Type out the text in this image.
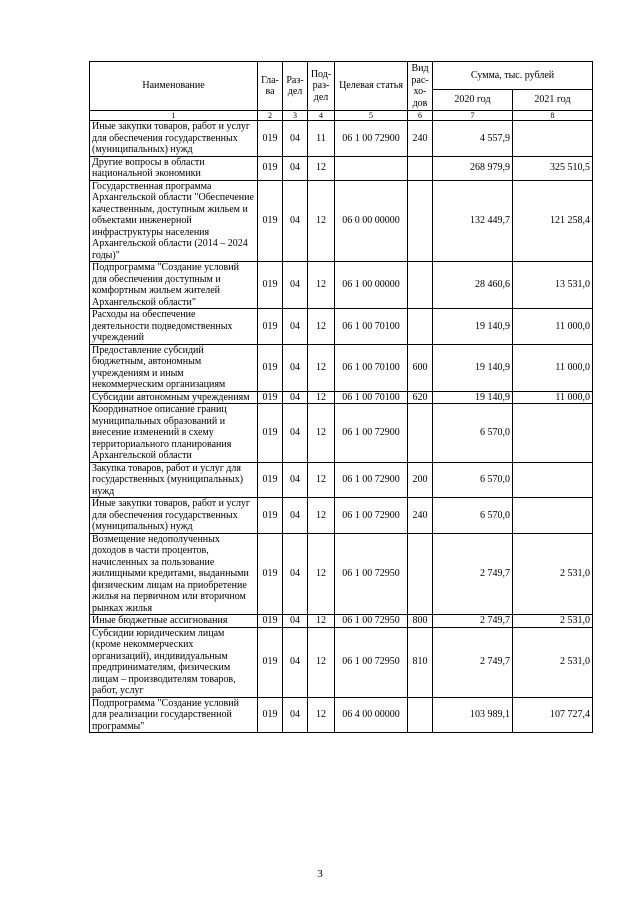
Наименование	Гла-ва	Раз-дел	Под-раз-дел	Целевая статья	Вид рас-хо-дов	Сумма, тыс. рублей	
						2020 год	2021 год
1	2	3	4	5	6	7	8
Иные закупки товаров, работ и услуг для обеспечения государственных (муниципальных) нужд	019	04	11	06 1 00 72900	240	4 557,9	
Другие вопросы в области национальной экономики	019	04	12			268 979,9	325 510,5
Государственная программа Архангельской области "Обеспечение качественным, доступным жильем и объектами инженерной инфраструктуры населения Архангельской области (2014 – 2024 годы)"	019	04	12	06 0 00 00000		132 449,7	121 258,4
Подпрограмма "Создание условий для обеспечения доступным и комфортным жильем жителей Архангельской области"	019	04	12	06 1 00 00000		28 460,6	13 531,0
Расходы на обеспечение деятельности подведомственных учреждений	019	04	12	06 1 00 70100		19 140,9	11 000,0
Предоставление субсидий бюджетным, автономным учреждениям и иным некоммерческим организациям	019	04	12	06 1 00 70100	600	19 140,9	11 000,0
Субсидии автономным учреждениям	019	04	12	06 1 00 70100	620	19 140,9	11 000,0
Координатное описание границ муниципальных образований и внесение изменений в схему территориального планирования Архангельской области	019	04	12	06 1 00 72900		6 570,0	
Закупка товаров, работ и услуг для государственных (муниципальных) нужд	019	04	12	06 1 00 72900	200	6 570,0	
Иные закупки товаров, работ и услуг для обеспечения государственных (муниципальных) нужд	019	04	12	06 1 00 72900	240	6 570,0	
Возмещение недополученных доходов в части процентов, начисленных за пользование жилищными кредитами, выданными физическим лицам на приобретение жилья на первичном или вторичном рынках жилья	019	04	12	06 1 00 72950		2 749,7	2 531,0
Иные бюджетные ассигнования	019	04	12	06 1 00 72950	800	2 749,7	2 531,0
Субсидии юридическим лицам (кроме некоммерческих организаций), индивидуальным предпринимателям, физическим лицам – производителям товаров, работ, услуг	019	04	12	06 1 00 72950	810	2 749,7	2 531,0
Подпрограмма "Создание условий для реализации государственной программы"	019	04	12	06 4 00 00000		103 989,1	107 727,4
3
